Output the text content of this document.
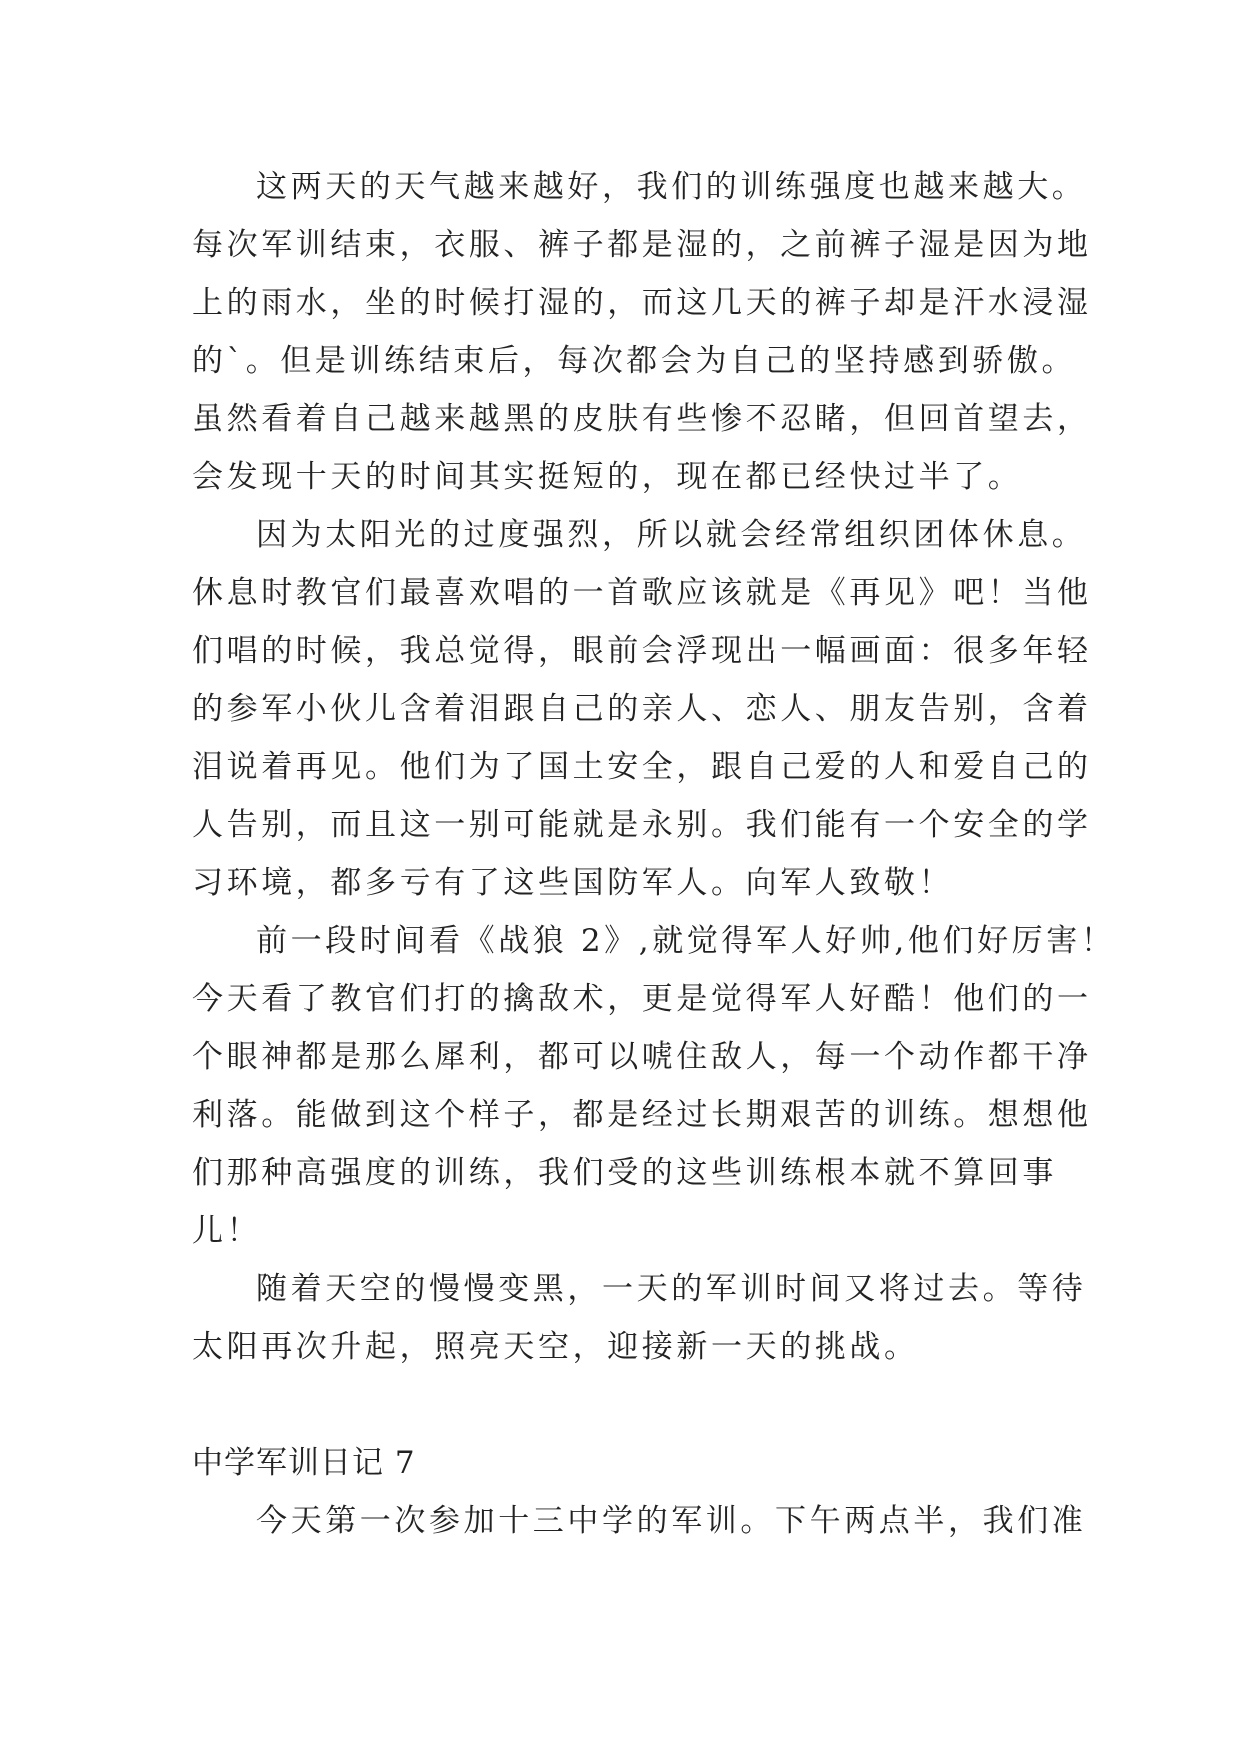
这两天的天气越来越好，我们的训练强度也越来越大。
每次军训结束，衣服、裤子都是湿的，之前裤子湿是因为地
上的雨水，坐的时候打湿的，而这几天的裤子却是汗水浸湿
的`。但是训练结束后，每次都会为自己的坚持感到骄傲。
虽然看着自己越来越黑的皮肤有些惨不忍睹，但回首望去，
会发现十天的时间其实挺短的，现在都已经快过半了。
因为太阳光的过度强烈，所以就会经常组织团体休息。
休息时教官们最喜欢唱的一首歌应该就是《再见》吧！当他
们唱的时候，我总觉得，眼前会浮现出一幅画面：很多年轻
的参军小伙儿含着泪跟自己的亲人、恋人、朋友告别，含着
泪说着再见。他们为了国土安全，跟自己爱的人和爱自己的
人告别，而且这一别可能就是永别。我们能有一个安全的学
习环境，都多亏有了这些国防军人。向军人致敬！
前一段时间看《战狼 2》,就觉得军人好帅,他们好厉害！
今天看了教官们打的擒敌术，更是觉得军人好酷！他们的一
个眼神都是那么犀利，都可以唬住敌人，每一个动作都干净
利落。能做到这个样子，都是经过长期艰苦的训练。想想他
们那种高强度的训练，我们受的这些训练根本就不算回事
儿！
随着天空的慢慢变黑，一天的军训时间又将过去。等待
太阳再次升起，照亮天空，迎接新一天的挑战。
中学军训日记 7
今天第一次参加十三中学的军训。下午两点半，我们准
